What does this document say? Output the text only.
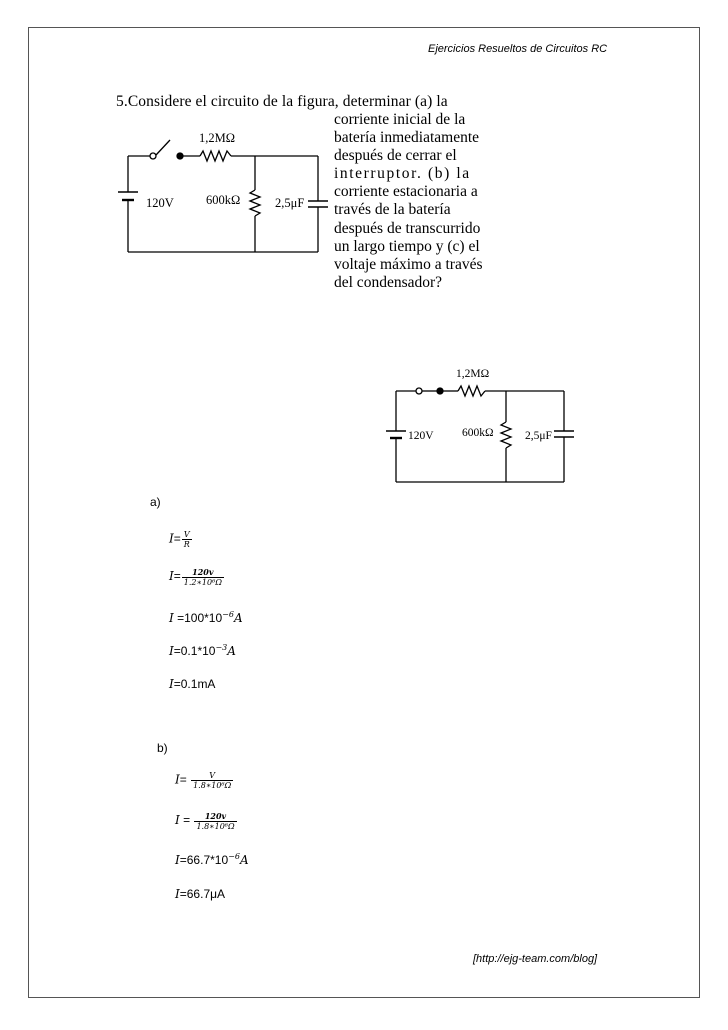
Ejercicios Resueltos de Circuitos RC
5.Considere el circuito de la figura, determinar (a) la
corriente inicial de la
batería inmediatamente
después de cerrar el
interruptor. (b) la
corriente estacionaria a
través de la batería
después de transcurrido
un largo tiempo y (c) el
voltaje máximo a través
del condensador?
1,2MΩ
600kΩ	2,5μF
120V
1,2MΩ
600kΩ	2,5μF
120V
a)
$I= \frac{V}{R}$
$I= \frac{120v}{\text{1.2∗10⁶Ω}}$
$I =100*10^{-6}A$
$I=0.1*10^{-3}A$
I=0.1mA
b)
$I= \frac{V}{\text{1.8∗10⁶Ω}}$
$I = \frac{120v}{\text{1.8∗10⁶Ω}}$
$I=66.7*10^{-6}A$
I=66.7μA
[http://ejg-team.com/blog]
